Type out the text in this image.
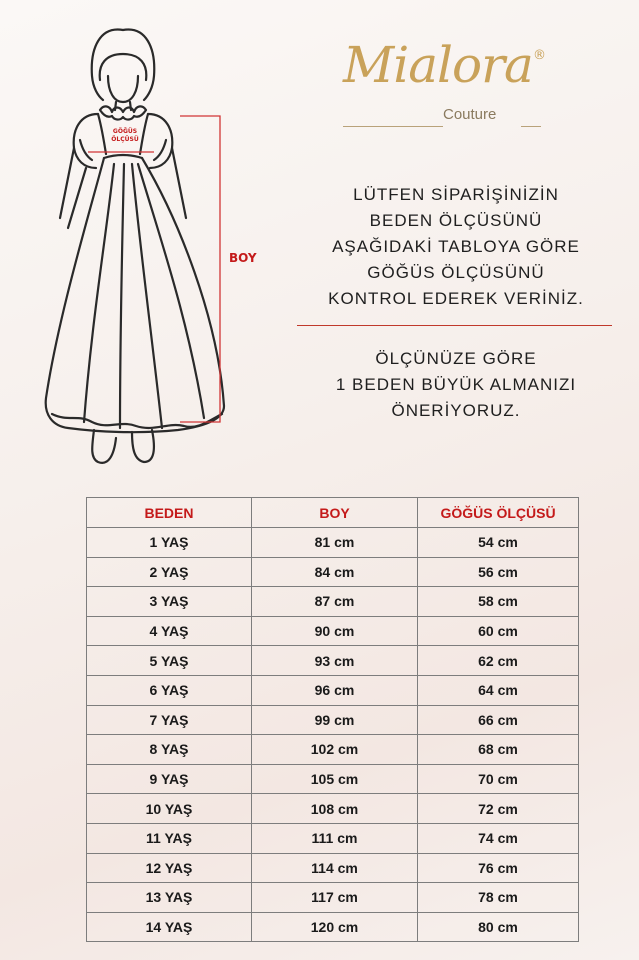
GÖĞÜS
ÖLÇÜSÜ
BOY
Mialora ®
Couture
LÜTFEN SİPARİŞİNİZİN
BEDEN ÖLÇÜSÜNÜ
AŞAĞIDAKİ TABLOYA GÖRE
GÖĞÜS ÖLÇÜSÜNÜ
KONTROL EDEREK VERİNİZ.
ÖLÇÜNÜZE GÖRE
1 BEDEN BÜYÜK ALMANIZI
ÖNERİYORUZ.
BEDEN	BOY	GÖĞÜS ÖLÇÜSÜ
1 YAŞ	81 cm	54 cm
2 YAŞ	84 cm	56 cm
3 YAŞ	87 cm	58 cm
4 YAŞ	90 cm	60 cm
5 YAŞ	93 cm	62 cm
6 YAŞ	96 cm	64 cm
7 YAŞ	99 cm	66 cm
8 YAŞ	102 cm	68 cm
9 YAŞ	105 cm	70 cm
10 YAŞ	108 cm	72 cm
11 YAŞ	111 cm	74 cm
12 YAŞ	114 cm	76 cm
13 YAŞ	117 cm	78 cm
14 YAŞ	120 cm	80 cm
